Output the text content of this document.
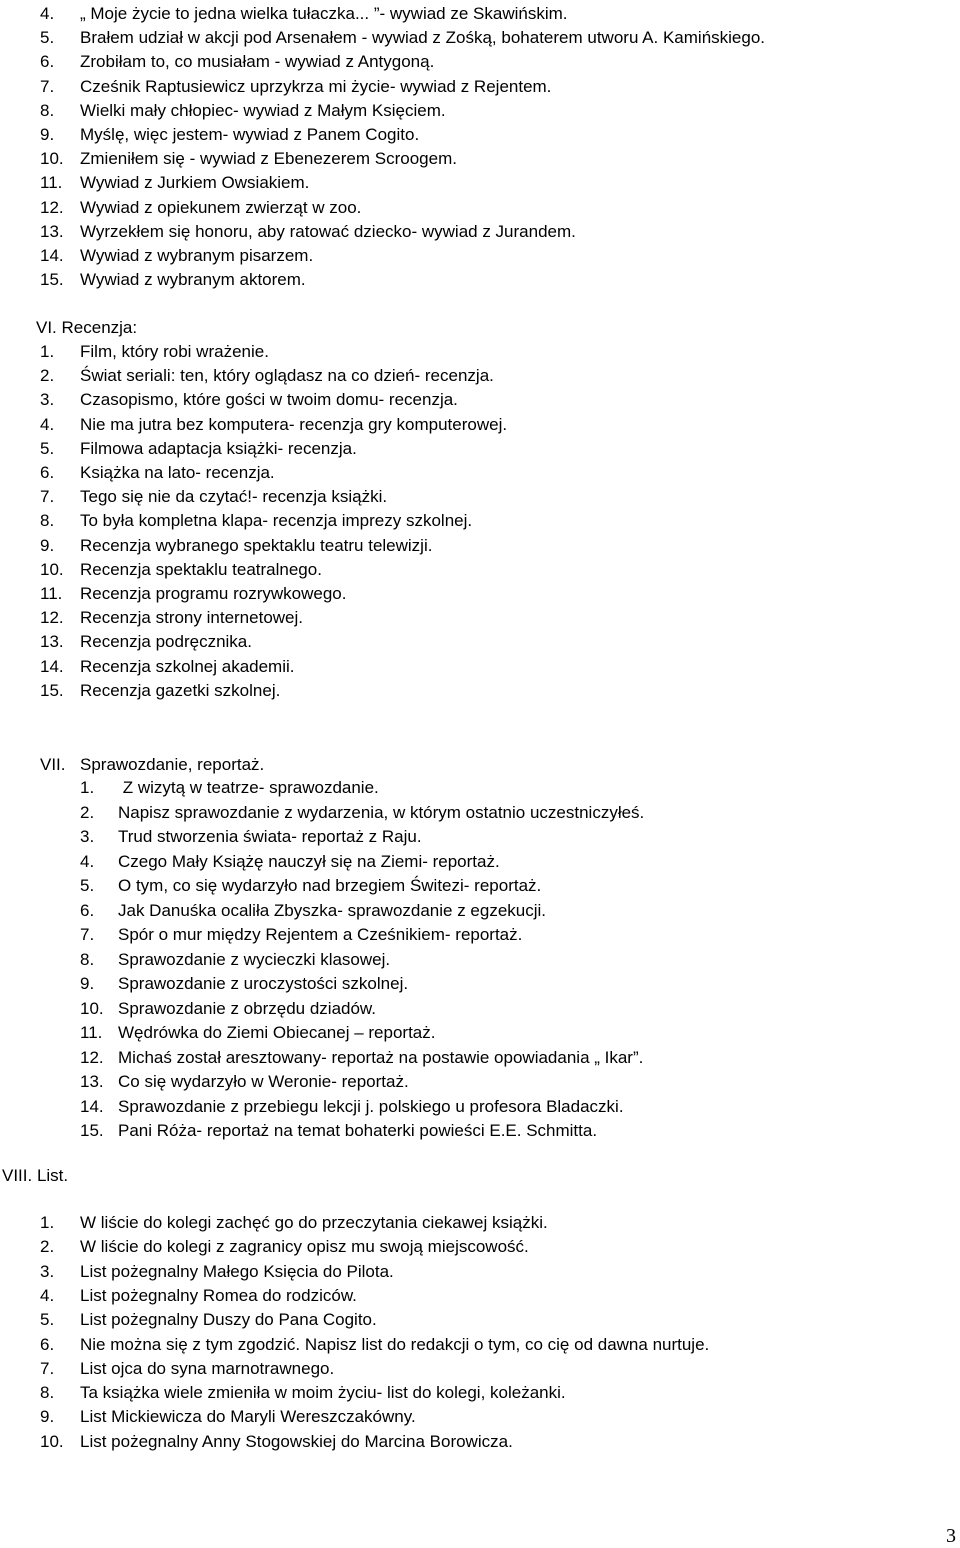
VI. Recenzja:
VII. Sprawozdanie, reportaż.
VIII. List.
3
4. „ Moje życie to jedna wielka tułaczka... ”- wywiad ze Skawińskim.
5. Brałem udział w akcji pod Arsenałem - wywiad z Zośką, bohaterem utworu A. Kamińskiego.
6. Zrobiłam to, co musiałam - wywiad z Antygoną.
7. Cześnik Raptusiewicz uprzykrza mi życie- wywiad z Rejentem.
8. Wielki mały chłopiec- wywiad z Małym Księciem.
9. Myślę, więc jestem- wywiad z Panem Cogito.
10. Zmieniłem się - wywiad z Ebenezerem Scroogem.
11. Wywiad z Jurkiem Owsiakiem.
12. Wywiad z opiekunem zwierząt w zoo.
13. Wyrzekłem się honoru, aby ratować dziecko- wywiad z Jurandem.
14. Wywiad z wybranym pisarzem.
15. Wywiad z wybranym aktorem.
1. Film, który robi wrażenie.
2. Świat seriali: ten, który oglądasz na co dzień- recenzja.
3. Czasopismo, które gości w twoim domu- recenzja.
4. Nie ma jutra bez komputera- recenzja gry komputerowej.
5. Filmowa adaptacja książki- recenzja.
6. Książka na lato- recenzja.
7. Tego się nie da czytać!- recenzja książki.
8. To była kompletna klapa- recenzja imprezy szkolnej.
9. Recenzja wybranego spektaklu teatru telewizji.
10. Recenzja spektaklu teatralnego.
11. Recenzja programu rozrywkowego.
12. Recenzja strony internetowej.
13. Recenzja podręcznika.
14. Recenzja szkolnej akademii.
15. Recenzja gazetki szkolnej.
1. Z wizytą w teatrze- sprawozdanie.
2. Napisz sprawozdanie z wydarzenia, w którym ostatnio uczestniczyłeś.
3. Trud stworzenia świata- reportaż z Raju.
4. Czego Mały Książę nauczył się na Ziemi- reportaż.
5. O tym, co się wydarzyło nad brzegiem Świtezi- reportaż.
6. Jak Danuśka ocaliła Zbyszka- sprawozdanie z egzekucji.
7. Spór o mur między Rejentem a Cześnikiem- reportaż.
8. Sprawozdanie z wycieczki klasowej.
9. Sprawozdanie z uroczystości szkolnej.
10. Sprawozdanie z obrzędu dziadów.
11. Wędrówka do Ziemi Obiecanej – reportaż.
12. Michaś został aresztowany- reportaż na postawie opowiadania „ Ikar”.
13. Co się wydarzyło w Weronie- reportaż.
14. Sprawozdanie z przebiegu lekcji j. polskiego u profesora Bladaczki.
15. Pani Róża- reportaż na temat bohaterki powieści E.E. Schmitta.
1. W liście do kolegi zachęć go do przeczytania ciekawej książki.
2. W liście do kolegi z zagranicy opisz mu swoją miejscowość.
3. List pożegnalny Małego Księcia do Pilota.
4. List pożegnalny Romea do rodziców.
5. List pożegnalny Duszy do Pana Cogito.
6. Nie można się z tym zgodzić. Napisz list do redakcji o tym, co cię od dawna nurtuje.
7. List ojca do syna marnotrawnego.
8. Ta książka wiele zmieniła w moim życiu- list do kolegi, koleżanki.
9. List Mickiewicza do Maryli Wereszczakówny.
10. List pożegnalny Anny Stogowskiej do Marcina Borowicza.
